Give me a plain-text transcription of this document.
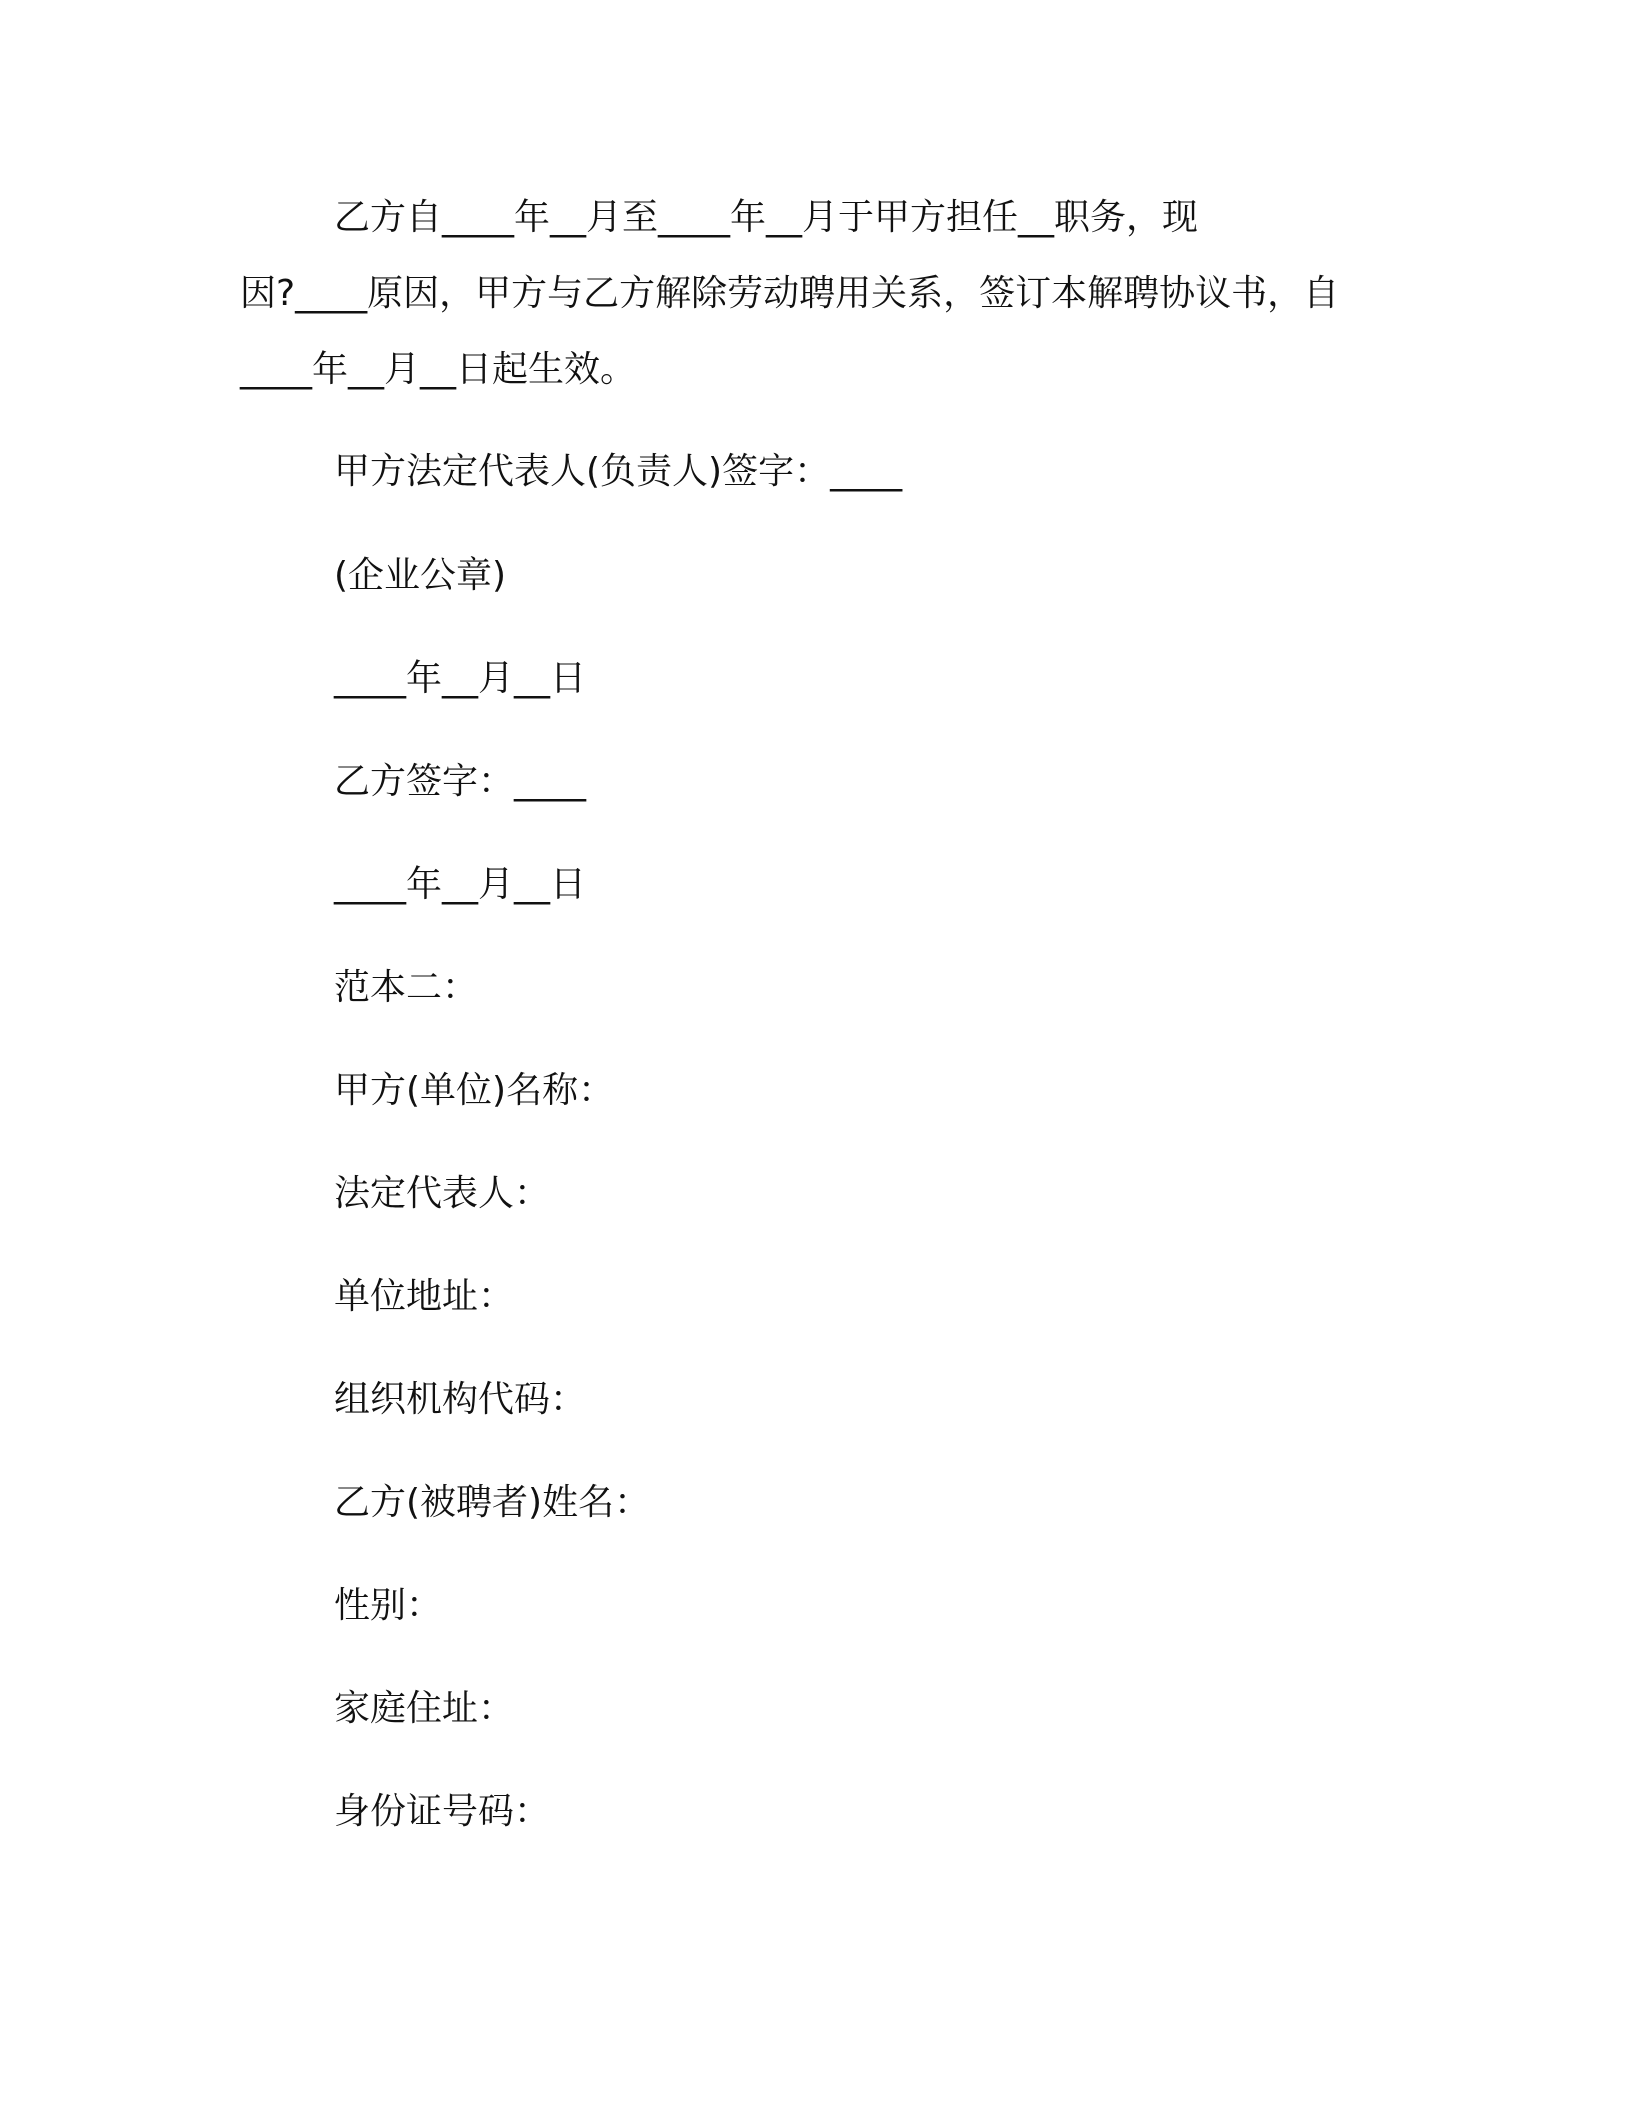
乙方自____年__月至____年__月于甲方担任__职务，现
因?____原因，甲方与乙方解除劳动聘用关系，签订本解聘协议书，自
____年__月__日起生效。
甲方法定代表人(负责人)签字：____
(企业公章)
____年__月__日
乙方签字：____
____年__月__日
范本二：
甲方(单位)名称：
法定代表人：
单位地址：
组织机构代码：
乙方(被聘者)姓名：
性别：
家庭住址：
身份证号码：
